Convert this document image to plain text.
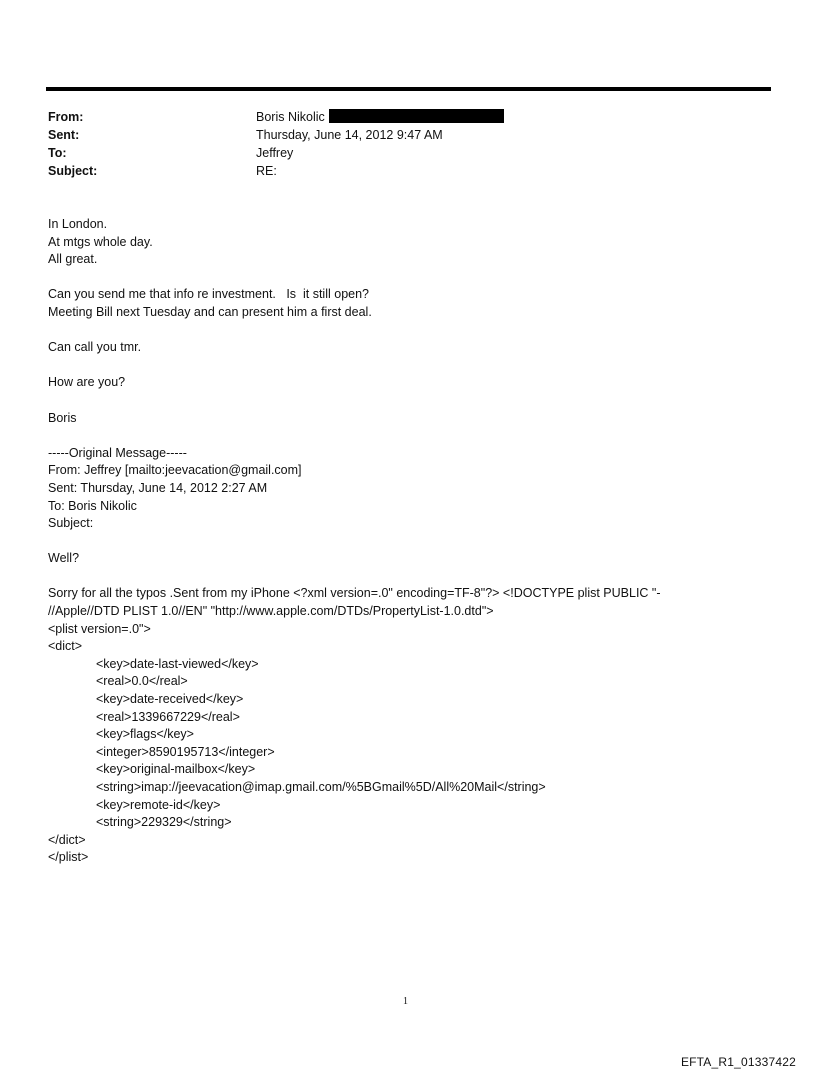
From:	Boris Nikolic
Sent:	Thursday, June 14, 2012 9:47 AM
To:	Jeffrey
Subject:	RE:

In London.

At mtgs whole day.

All great.

Can you send me that info re investment.   Is  it still open?

Meeting Bill next Tuesday and can present him a first deal.

Can call you tmr.

How are you?

Boris

-----Original Message-----

From: Jeffrey [mailto:jeevacation@gmail.com]

Sent: Thursday, June 14, 2012 2:27 AM

To: Boris Nikolic

Subject:

Well?

Sorry for all the typos .Sent from my iPhone <?xml version=.0" encoding=TF-8"?> <!DOCTYPE plist PUBLIC "-

//Apple//DTD PLIST 1.0//EN" "http://www.apple.com/DTDs/PropertyList-1.0.dtd">

<plist version=.0">

<dict>

<key>date-last-viewed</key>

<real>0.0</real>

<key>date-received</key>

<real>1339667229</real>

<key>flags</key>

<integer>8590195713</integer>

<key>original-mailbox</key>

<string>imap://jeevacation@imap.gmail.com/%5BGmail%5D/All%20Mail</string>

<key>remote-id</key>

<string>229329</string>

</dict>

</plist>

1
EFTA_R1_01337422
